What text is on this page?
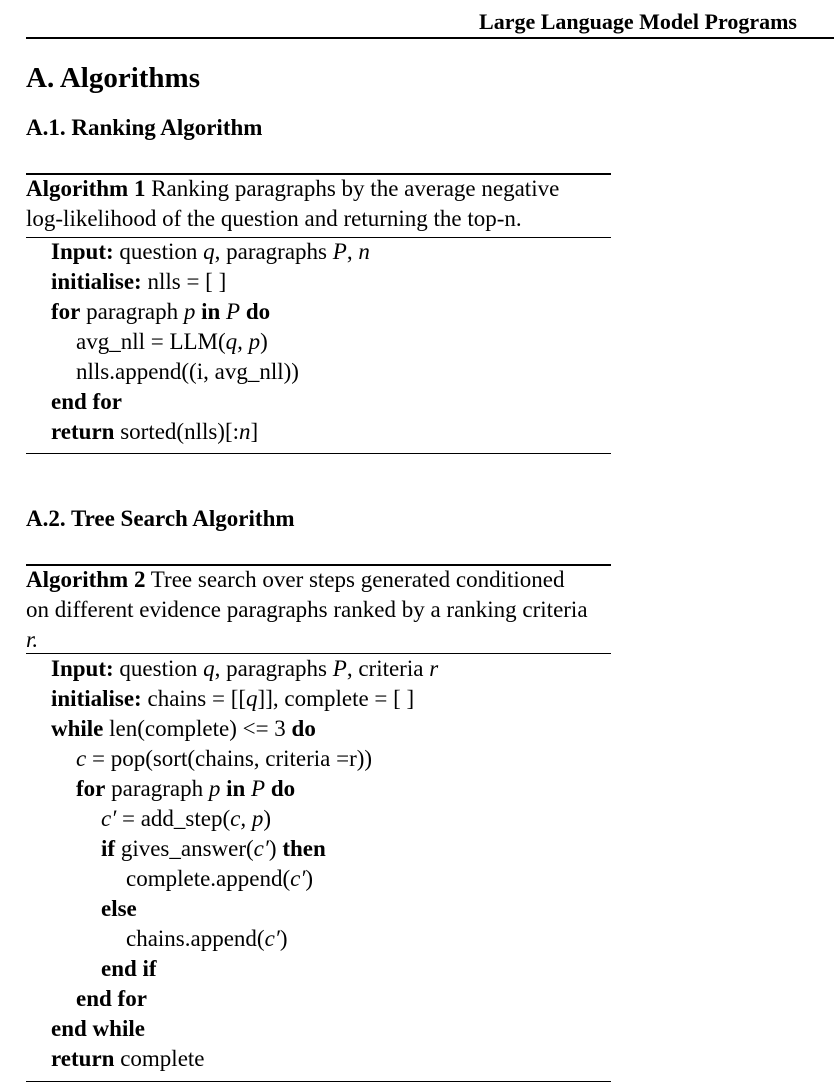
Large Language Model Programs
A. Algorithms
A.1. Ranking Algorithm
Algorithm 1 Ranking paragraphs by the average negative
log-likelihood of the question and returning the top-n.
Input: question q, paragraphs P, n
initialise: nlls = [ ]
for paragraph p in P do
avg_nll = LLM(q, p)
nlls.append((i, avg_nll))
end for
return sorted(nlls)[:n]
A.2. Tree Search Algorithm
Algorithm 2 Tree search over steps generated conditioned
on different evidence paragraphs ranked by a ranking criteria
r.
Input: question q, paragraphs P, criteria r
initialise: chains = [[q]], complete = [ ]
while len(complete) <= 3 do
c = pop(sort(chains, criteria =r))
for paragraph p in P do
c′ = add_step(c, p)
if gives_answer(c′) then
complete.append(c′)
else
chains.append(c′)
end if
end for
end while
return complete
